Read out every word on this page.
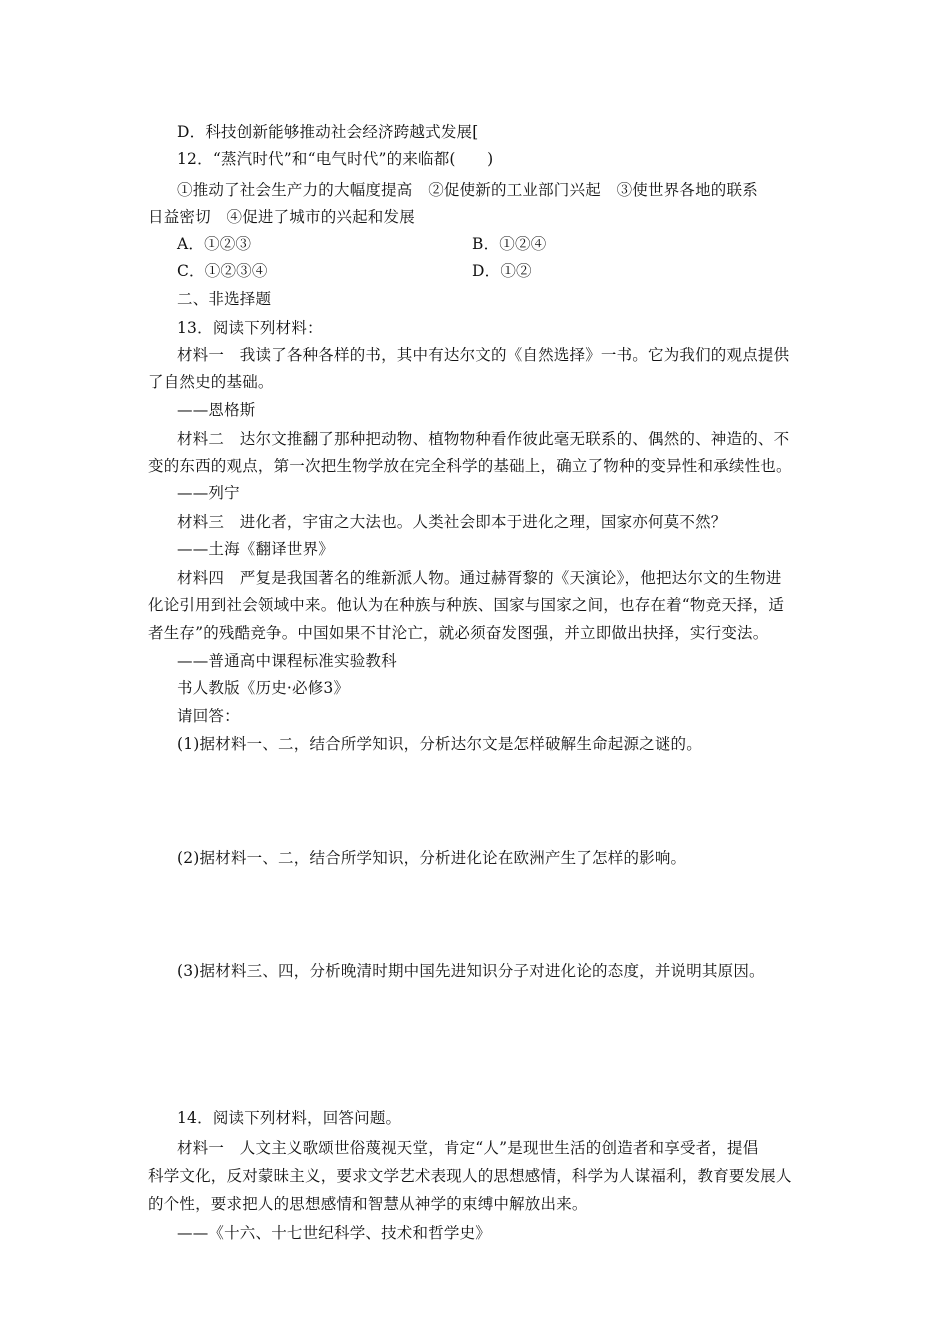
D．科技创新能够推动社会经济跨越式发展[
12．“蒸汽时代”和“电气时代”的来临都(　　)
①推动了社会生产力的大幅度提高　②促使新的工业部门兴起　③使世界各地的联系
日益密切　④促进了城市的兴起和发展
A．①②③	B．①②④
C．①②③④	D．①②
二、非选择题
13．阅读下列材料：
材料一　我读了各种各样的书，其中有达尔文的《自然选择》一书。它为我们的观点提供
了自然史的基础。
——恩格斯
材料二　达尔文推翻了那种把动物、植物物种看作彼此毫无联系的、偶然的、神造的、不
变的东西的观点，第一次把生物学放在完全科学的基础上，确立了物种的变异性和承续性也。
——列宁
材料三　进化者，宇宙之大法也。人类社会即本于进化之理，国家亦何莫不然？
——土海《翻译世界》
材料四　严复是我国著名的维新派人物。通过赫胥黎的《天演论》，他把达尔文的生物进
化论引用到社会领域中来。他认为在种族与种族、国家与国家之间，也存在着“物竞天择，适
者生存”的残酷竞争。中国如果不甘沦亡，就必须奋发图强，并立即做出抉择，实行变法。
——普通高中课程标准实验教科
书人教版《历史·必修3》
请回答：
(1)据材料一、二，结合所学知识，分析达尔文是怎样破解生命起源之谜的。
(2)据材料一、二，结合所学知识，分析进化论在欧洲产生了怎样的影响。
(3)据材料三、四，分析晚清时期中国先进知识分子对进化论的态度，并说明其原因。
14．阅读下列材料，回答问题。
材料一　人文主义歌颂世俗蔑视天堂，肯定“人”是现世生活的创造者和享受者，提倡
科学文化，反对蒙昧主义，要求文学艺术表现人的思想感情，科学为人谋福利，教育要发展人
的个性，要求把人的思想感情和智慧从神学的束缚中解放出来。
——《十六、十七世纪科学、技术和哲学史》
